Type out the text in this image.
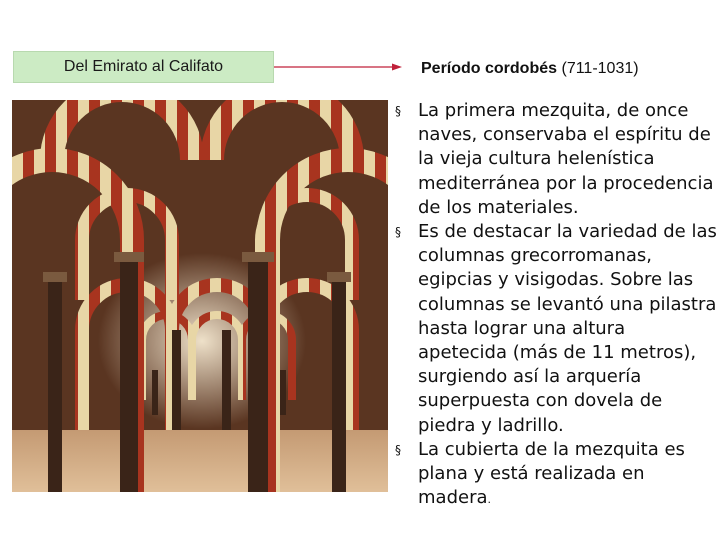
Del Emirato al Califato	Período cordobés (711-1031)
§ La primera mezquita, de once naves, conservaba el espíritu de la vieja cultura helenística mediterránea por la procedencia de los materiales.
§ Es de destacar la variedad de las columnas grecorromanas, egipcias y visigodas. Sobre las columnas se levantó una pilastra hasta lograr una altura apetecida (más de 11 metros), surgiendo así la arquería superpuesta con dovela de piedra y ladrillo.
§ La cubierta de la mezquita es plana y está realizada en madera.
